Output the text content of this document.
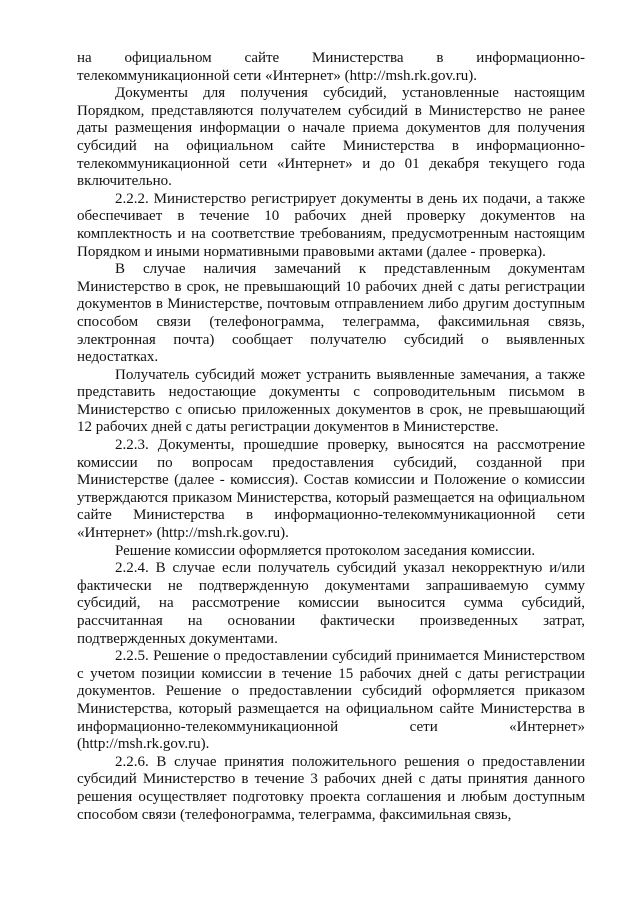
на официальном сайте Министерства в информационно-телекоммуникационной сети «Интернет» (http://msh.rk.gov.ru).

Документы для получения субсидий, установленные настоящим Порядком, представляются получателем субсидий в Министерство не ранее даты размещения информации о начале приема документов для получения субсидий на официальном сайте Министерства в информационно-телекоммуникационной сети «Интернет» и до 01 декабря текущего года включительно.

2.2.2. Министерство регистрирует документы в день их подачи, а также обеспечивает в течение 10 рабочих дней проверку документов на комплектность и на соответствие требованиям, предусмотренным настоящим Порядком и иными нормативными правовыми актами (далее - проверка).

В случае наличия замечаний к представленным документам Министерство в срок, не превышающий 10 рабочих дней с даты регистрации документов в Министерстве, почтовым отправлением либо другим доступным способом связи (телефонограмма, телеграмма, факсимильная связь, электронная почта) сообщает получателю субсидий о выявленных недостатках.

Получатель субсидий может устранить выявленные замечания, а также представить недостающие документы с сопроводительным письмом в Министерство с описью приложенных документов в срок, не превышающий 12 рабочих дней с даты регистрации документов в Министерстве.

2.2.3. Документы, прошедшие проверку, выносятся на рассмотрение комиссии по вопросам предоставления субсидий, созданной при Министерстве (далее - комиссия). Состав комиссии и Положение о комиссии утверждаются приказом Министерства, который размещается на официальном сайте Министерства в информационно-телекоммуникационной сети «Интернет» (http://msh.rk.gov.ru).

Решение комиссии оформляется протоколом заседания комиссии.

2.2.4. В случае если получатель субсидий указал некорректную и/или фактически не подтвержденную документами запрашиваемую сумму субсидий, на рассмотрение комиссии выносится сумма субсидий, рассчитанная на основании фактически произведенных затрат, подтвержденных документами.

2.2.5. Решение о предоставлении субсидий принимается Министерством с учетом позиции комиссии в течение 15 рабочих дней с даты регистрации документов. Решение о предоставлении субсидий оформляется приказом Министерства, который размещается на официальном сайте Министерства в информационно-телекоммуникационной сети «Интернет» (http://msh.rk.gov.ru).

2.2.6. В случае принятия положительного решения о предоставлении субсидий Министерство в течение 3 рабочих дней с даты принятия данного решения осуществляет подготовку проекта соглашения и любым доступным способом связи (телефонограмма, телеграмма, факсимильная связь,
